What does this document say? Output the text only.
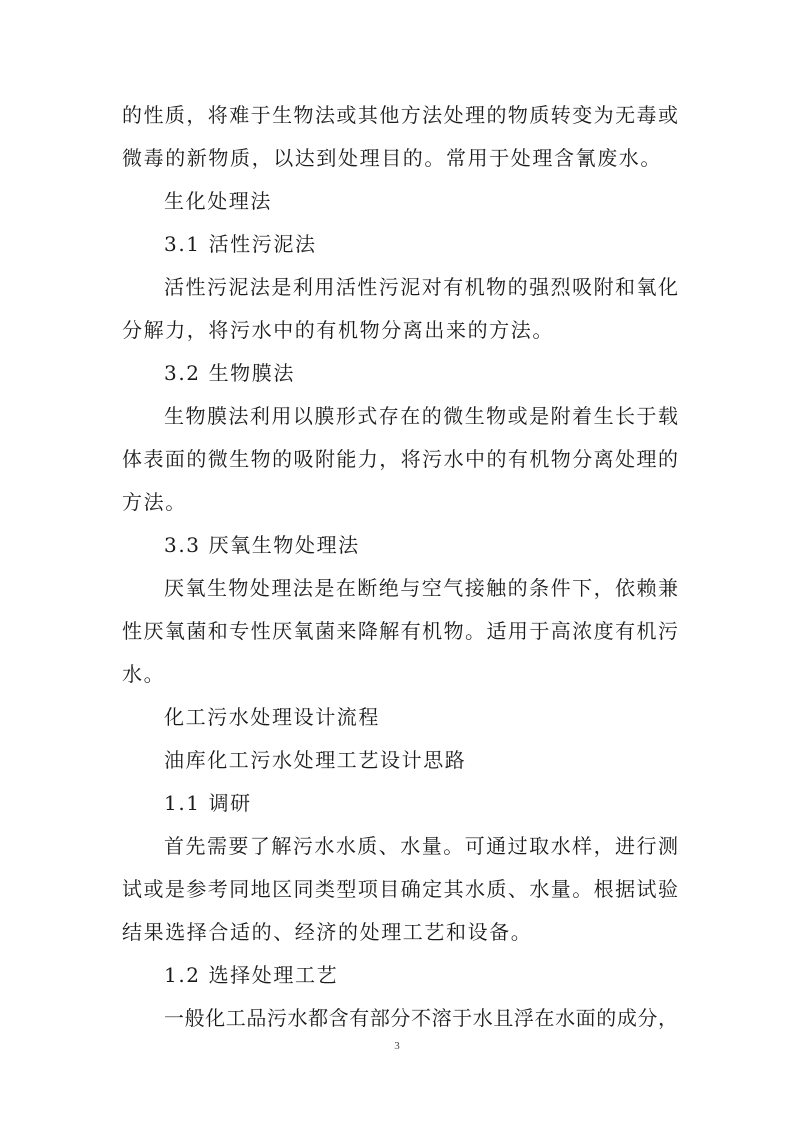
的性质，将难于生物法或其他方法处理的物质转变为无毒或
微毒的新物质，以达到处理目的。常用于处理含氰废水。
生化处理法
3.1 活性污泥法
活性污泥法是利用活性污泥对有机物的强烈吸附和氧化
分解力，将污水中的有机物分离出来的方法。
3.2 生物膜法
生物膜法利用以膜形式存在的微生物或是附着生长于载
体表面的微生物的吸附能力，将污水中的有机物分离处理的
方法。
3.3 厌氧生物处理法
厌氧生物处理法是在断绝与空气接触的条件下，依赖兼
性厌氧菌和专性厌氧菌来降解有机物。适用于高浓度有机污
水。
化工污水处理设计流程
油库化工污水处理工艺设计思路
1.1 调研
首先需要了解污水水质、水量。可通过取水样，进行测
试或是参考同地区同类型项目确定其水质、水量。根据试验
结果选择合适的、经济的处理工艺和设备。
1.2 选择处理工艺
一般化工品污水都含有部分不溶于水且浮在水面的成分，
3
